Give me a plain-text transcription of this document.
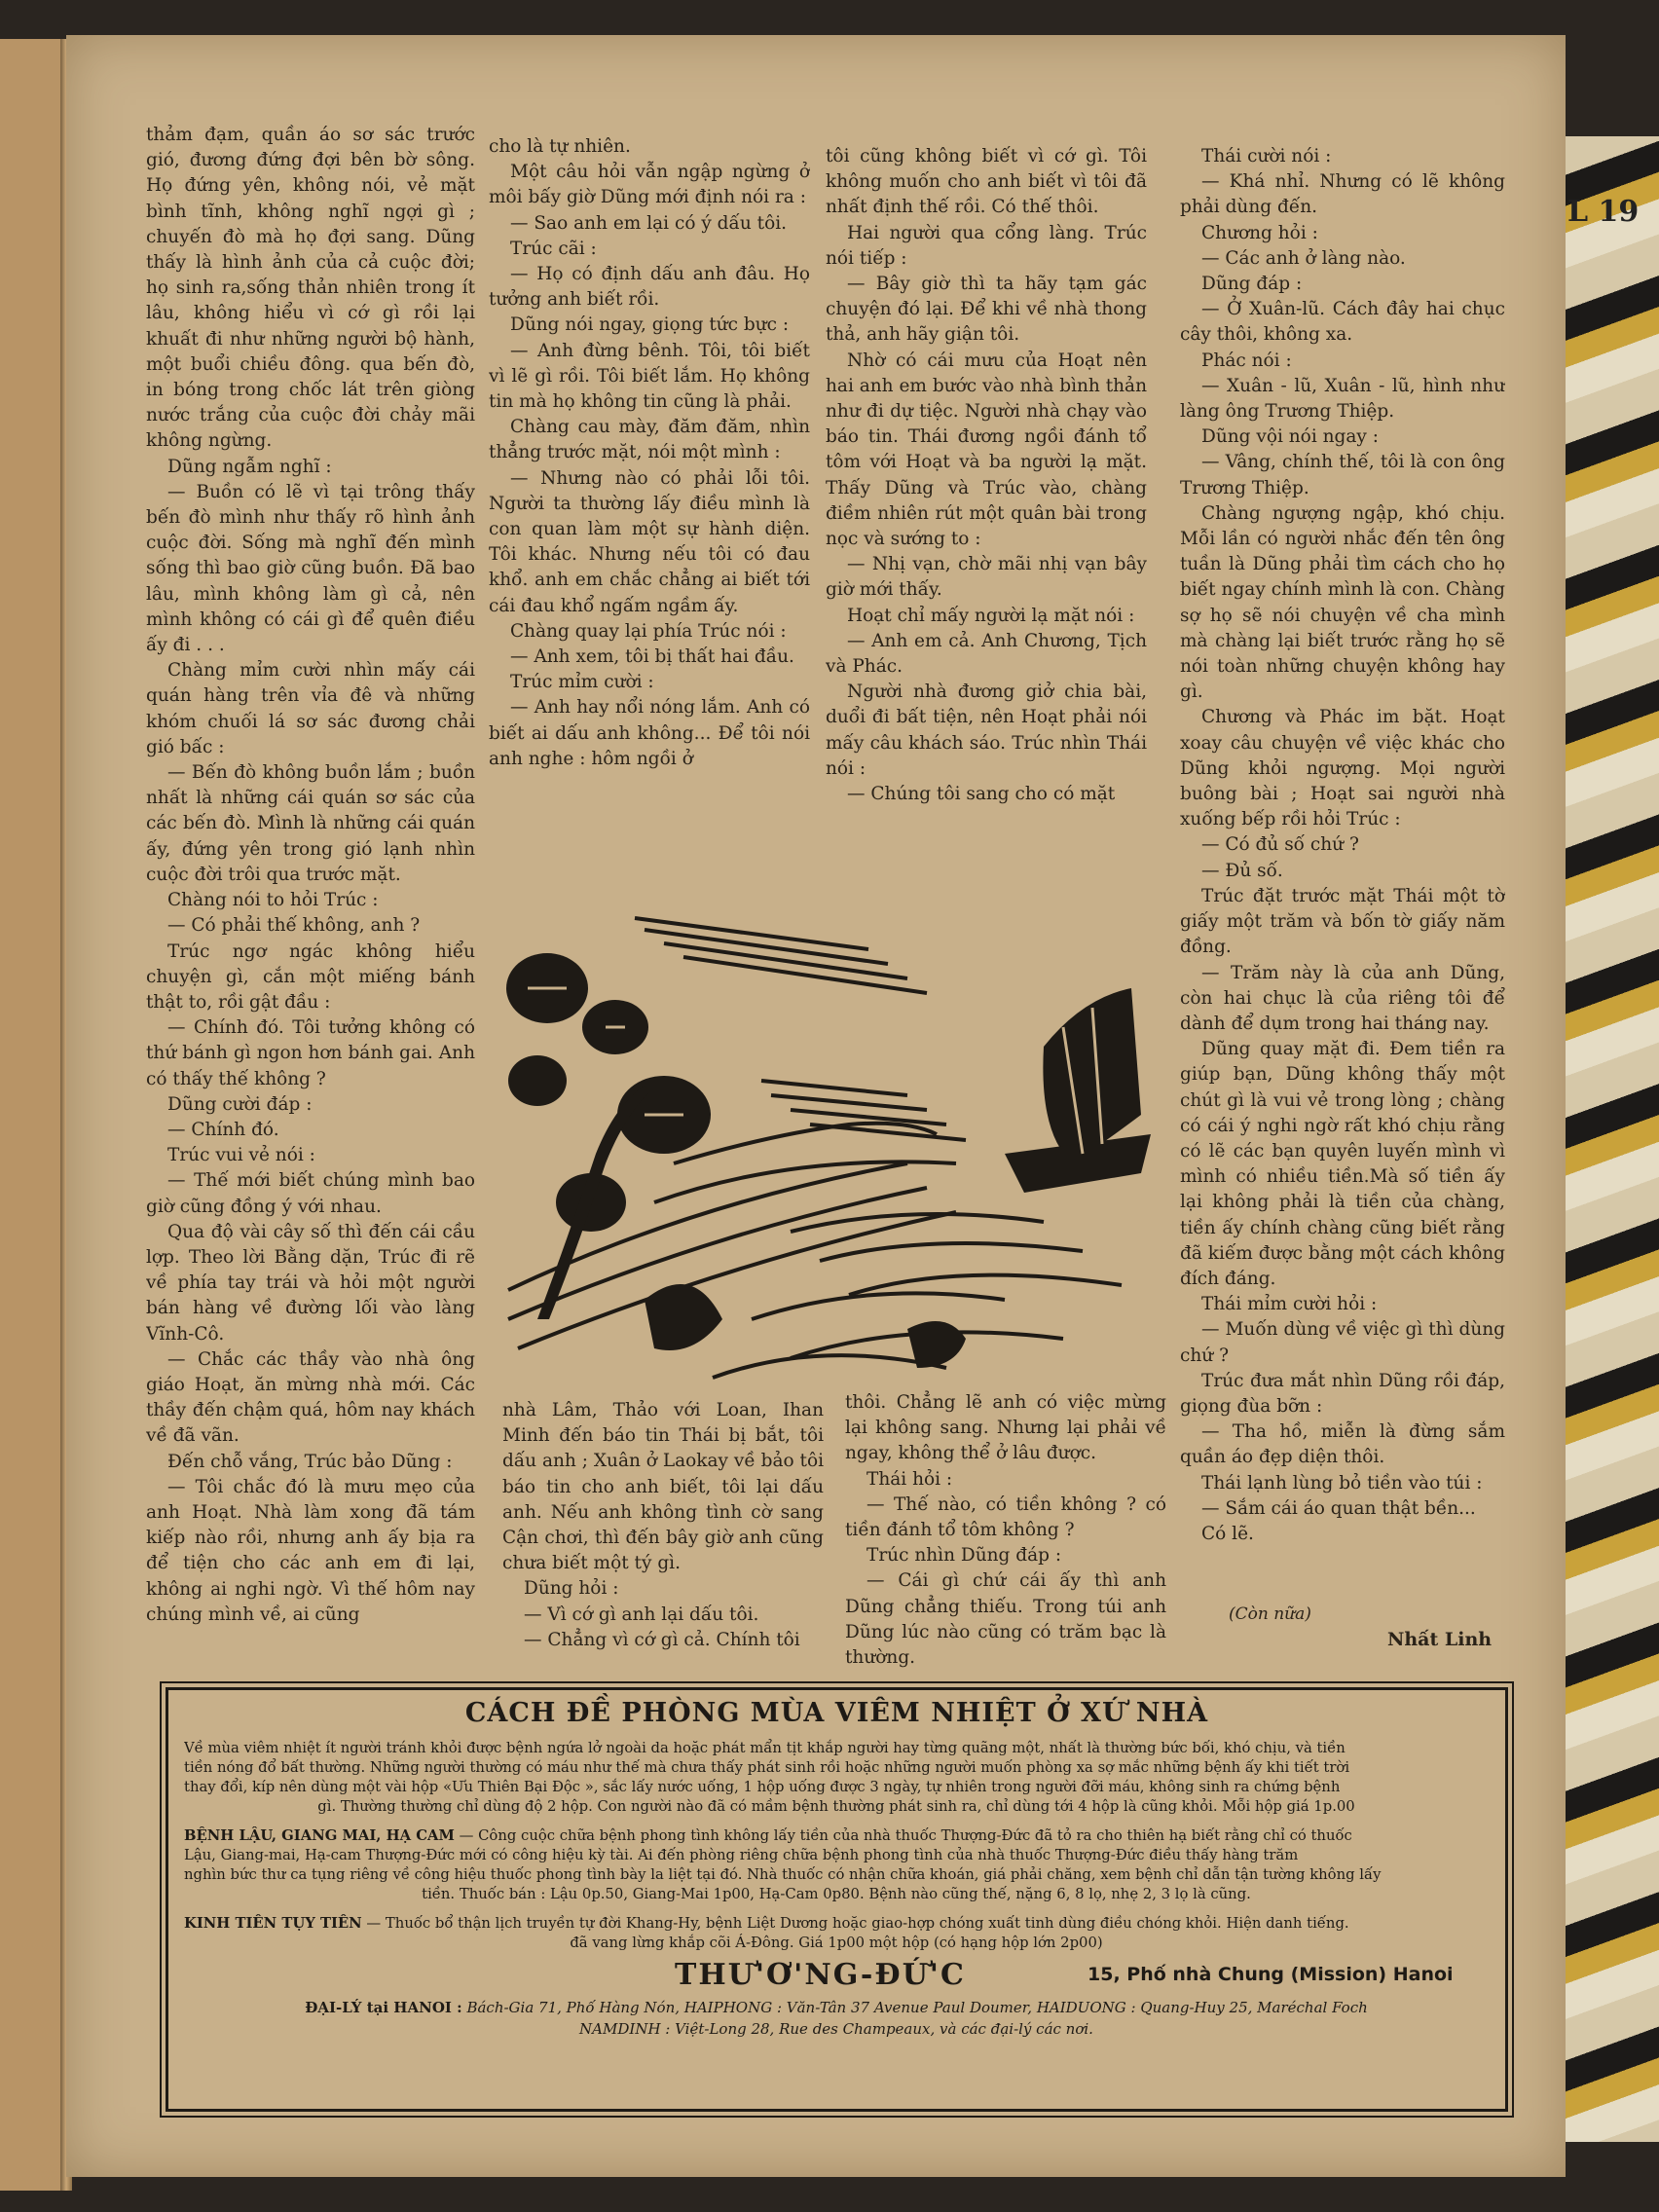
L 19

thảm đạm, quần áo sơ sác trước gió, đương đứng đợi bên bờ sông. Họ đứng yên, không nói, vẻ mặt bình tĩnh, không nghĩ ngợi gì ; chuyến đò mà họ đợi sang. Dũng thấy là hình ảnh của cả cuộc đời; họ sinh ra,sống thản nhiên trong ít lâu, không hiểu vì cớ gì rồi lại khuất đi như những người bộ hành, một buổi chiều đông. qua bến đò, in bóng trong chốc lát trên giòng nước trắng của cuộc đời chảy mãi không ngừng.

Dũng ngẫm nghĩ :

— Buồn có lẽ vì tại trông thấy bến đò mình như thấy rõ hình ảnh cuộc đời. Sống mà nghĩ đến mình sống thì bao giờ cũng buồn. Đã bao lâu, mình không làm gì cả, nên mình không có cái gì để quên điều ấy đi . . .

Chàng mỉm cười nhìn mấy cái quán hàng trên vỉa đê và những khóm chuối lá sơ sác đương chải gió bấc :

— Bến đò không buồn lắm ; buồn nhất là những cái quán sơ sác của các bến đò. Mình là những cái quán ấy, đứng yên trong gió lạnh nhìn cuộc đời trôi qua trước mặt.

Chàng nói to hỏi Trúc :

— Có phải thế không, anh ?

Trúc ngơ ngác không hiểu chuyện gì, cắn một miếng bánh thật to, rồi gật đầu :

— Chính đó. Tôi tưởng không có thứ bánh gì ngon hơn bánh gai. Anh có thấy thế không ?

Dũng cười đáp :

— Chính đó.

Trúc vui vẻ nói :

— Thế mới biết chúng mình bao giờ cũng đồng ý với nhau.

Qua độ vài cây số thì đến cái cầu lợp. Theo lời Bằng dặn, Trúc đi rẽ về phía tay trái và hỏi một người bán hàng về đường lối vào làng Vĩnh-Cô.

— Chắc các thầy vào nhà ông giáo Hoạt, ăn mừng nhà mới. Các thầy đến chậm quá, hôm nay khách về đã vãn.

Đến chỗ vắng, Trúc bảo Dũng :

— Tôi chắc đó là mưu mẹo của anh Hoạt. Nhà làm xong đã tám kiếp nào rồi, nhưng anh ấy bịa ra để tiện cho các anh em đi lại, không ai nghi ngờ. Vì thế hôm nay chúng mình về, ai cũng

cho là tự nhiên.

Một câu hỏi vẫn ngập ngừng ở môi bấy giờ Dũng mới định nói ra :

— Sao anh em lại có ý dấu tôi.

Trúc cãi :

— Họ có định dấu anh đâu. Họ tưởng anh biết rồi.

Dũng nói ngay, giọng tức bực :

— Anh đừng bênh. Tôi, tôi biết vì lẽ gì rồi. Tôi biết lắm. Họ không tin mà họ không tin cũng là phải.

Chàng cau mày, đăm đăm, nhìn thẳng trước mặt, nói một mình :

— Nhưng nào có phải lỗi tôi. Người ta thường lấy điều mình là con quan làm một sự hành diện. Tôi khác. Nhưng nếu tôi có đau khổ. anh em chắc chẳng ai biết tới cái đau khổ ngấm ngầm ấy.

Chàng quay lại phía Trúc nói :

— Anh xem, tôi bị thất hai đầu.

Trúc mỉm cười :

— Anh hay nổi nóng lắm. Anh có biết ai dấu anh không... Để tôi nói anh nghe : hôm ngồi ở

tôi cũng không biết vì cớ gì. Tôi không muốn cho anh biết vì tôi đã nhất định thế rồi. Có thế thôi.

Hai người qua cổng làng. Trúc nói tiếp :

— Bây giờ thì ta hãy tạm gác chuyện đó lại. Để khi về nhà thong thả, anh hãy giận tôi.

Nhờ có cái mưu của Hoạt nên hai anh em bước vào nhà bình thản như đi dự tiệc. Người nhà chạy vào báo tin. Thái đương ngồi đánh tổ tôm với Hoạt và ba người lạ mặt. Thấy Dũng và Trúc vào, chàng điềm nhiên rút một quân bài trong nọc và sướng to :

— Nhị vạn, chờ mãi nhị vạn bây giờ mới thấy.

Hoạt chỉ mấy người lạ mặt nói :

— Anh em cả. Anh Chương, Tịch và Phác.

Người nhà đương giở chia bài, duổi đi bất tiện, nên Hoạt phải nói mấy câu khách sáo. Trúc nhìn Thái nói :

— Chúng tôi sang cho có mặt

Thái cười nói :

— Khá nhỉ. Nhưng có lẽ không phải dùng đến.

Chương hỏi :

— Các anh ở làng nào.

Dũng đáp :

— Ở Xuân-lũ. Cách đây hai chục cây thôi, không xa.

Phác nói :

— Xuân - lũ, Xuân - lũ, hình như làng ông Trương Thiệp.

Dũng vội nói ngay :

— Vâng, chính thế, tôi là con ông Trương Thiệp.

Chàng ngượng ngập, khó chịu. Mỗi lần có người nhắc đến tên ông tuần là Dũng phải tìm cách cho họ biết ngay chính mình là con. Chàng sợ họ sẽ nói chuyện về cha mình mà chàng lại biết trước rằng họ sẽ nói toàn những chuyện không hay gì.

Chương và Phác im bặt. Hoạt xoay câu chuyện về việc khác cho Dũng khỏi ngượng. Mọi người buông bài ; Hoạt sai người nhà xuống bếp rồi hỏi Trúc :

— Có đủ số chứ ?

— Đủ số.

Trúc đặt trước mặt Thái một tờ giấy một trăm và bốn tờ giấy năm đồng.

— Trăm này là của anh Dũng, còn hai chục là của riêng tôi để dành để dụm trong hai tháng nay.

Dũng quay mặt đi. Đem tiền ra giúp bạn, Dũng không thấy một chút gì là vui vẻ trong lòng ; chàng có cái ý nghi ngờ rất khó chịu rằng có lẽ các bạn quyên luyến mình vì mình có nhiều tiền.Mà số tiền ấy lại không phải là tiền của chàng, tiền ấy chính chàng cũng biết rằng đã kiếm được bằng một cách không đích đáng.

Thái mỉm cười hỏi :

— Muốn dùng về việc gì thì dùng chứ ?

Trúc đưa mắt nhìn Dũng rồi đáp, giọng đùa bỡn :

— Tha hồ, miễn là đừng sắm quần áo đẹp diện thôi.

Thái lạnh lùng bỏ tiền vào túi :

— Sắm cái áo quan thật bền...

Có lẽ.

nhà Lâm, Thảo với Loan, Ihan Minh đến báo tin Thái bị bắt, tôi dấu anh ; Xuân ở Laokay về bảo tôi báo tin cho anh biết, tôi lại dấu anh. Nếu anh không tình cờ sang Cận chơi, thì đến bây giờ anh cũng chưa biết một tý gì.

Dũng hỏi :

— Vì cớ gì anh lại dấu tôi.

— Chẳng vì cớ gì cả. Chính tôi

thôi. Chẳng lẽ anh có việc mừng lại không sang. Nhưng lại phải về ngay, không thể ở lâu được.

Thái hỏi :

— Thế nào, có tiền không ? có tiền đánh tổ tôm không ?

Trúc nhìn Dũng đáp :

— Cái gì chứ cái ấy thì anh Dũng chẳng thiếu. Trong túi anh Dũng lúc nào cũng có trăm bạc là thường.

(Còn nữa)
Nhất Linh
CÁCH ĐỀ PHÒNG MÙA VIÊM NHIỆT Ở XỨ NHÀ
Về mùa viêm nhiệt ít người tránh khỏi được bệnh ngứa lở ngoài da hoặc phát mẩn tịt khắp người hay từng quãng một, nhất là thường bức bối, khó chịu, và tiền
tiền nóng đổ bất thường. Những người thường có máu như thế mà chưa thấy phát sinh rồi hoặc những người muốn phòng xa sợ mắc những bệnh ấy khi tiết trời
thay đổi, kíp nên dùng một vài hộp «Ưu Thiên Bại Độc », sắc lấy nước uống, 1 hộp uống được 3 ngày, tự nhiên trong người đỡi máu, không sinh ra chứng bệnh
gì. Thường thường chỉ dùng độ 2 hộp. Con người nào đã có mầm bệnh thường phát sinh ra, chỉ dùng tới 4 hộp là cũng khỏi. Mỗi hộp giá 1p.00
BỆNH LẬU, GIANG MAI, HẠ CAM — Công cuộc chữa bệnh phong tình không lấy tiền của nhà thuốc Thượng-Đức đã tỏ ra cho thiên hạ biết rằng chỉ có thuốc
Lậu, Giang-mai, Hạ-cam Thượng-Đức mới có công hiệu kỳ tài. Ai đến phòng riêng chữa bệnh phong tình của nhà thuốc Thượng-Đức điều thấy hàng trăm
nghìn bức thư ca tụng riêng về công hiệu thuốc phong tình bày la liệt tại đó. Nhà thuốc có nhận chữa khoán, giá phải chăng, xem bệnh chỉ dẫn tận tường không lấy
tiền. Thuốc bán : Lậu 0p.50, Giang-Mai 1p00, Hạ-Cam 0p80. Bệnh nào cũng thế, nặng 6, 8 lọ, nhẹ 2, 3 lọ là cũng.
KINH TIỄN TỤY TIỄN — Thuốc bổ thận lịch truyền tự đời Khang-Hy, bệnh Liệt Dương hoặc giao-hợp chóng xuất tinh dùng điều chóng khỏi. Hiện danh tiếng.
đã vang lừng khắp cõi Á-Đông. Giá 1p00 một hộp (có hạng hộp lớn 2p00)
THƯ'Ơ'NG-ĐỨ'C	15, Phố nhà Chung (Mission) Hanoi
ĐẠI-LÝ tại HANOI : Bách-Gia 71, Phố Hàng Nón, HAIPHONG : Văn-Tân 37 Avenue Paul Doumer, HAIDUONG : Quang-Huy 25, Maréchal Foch
NAMDINH : Việt-Long 28, Rue des Champeaux, và các đại-lý các nơi.
